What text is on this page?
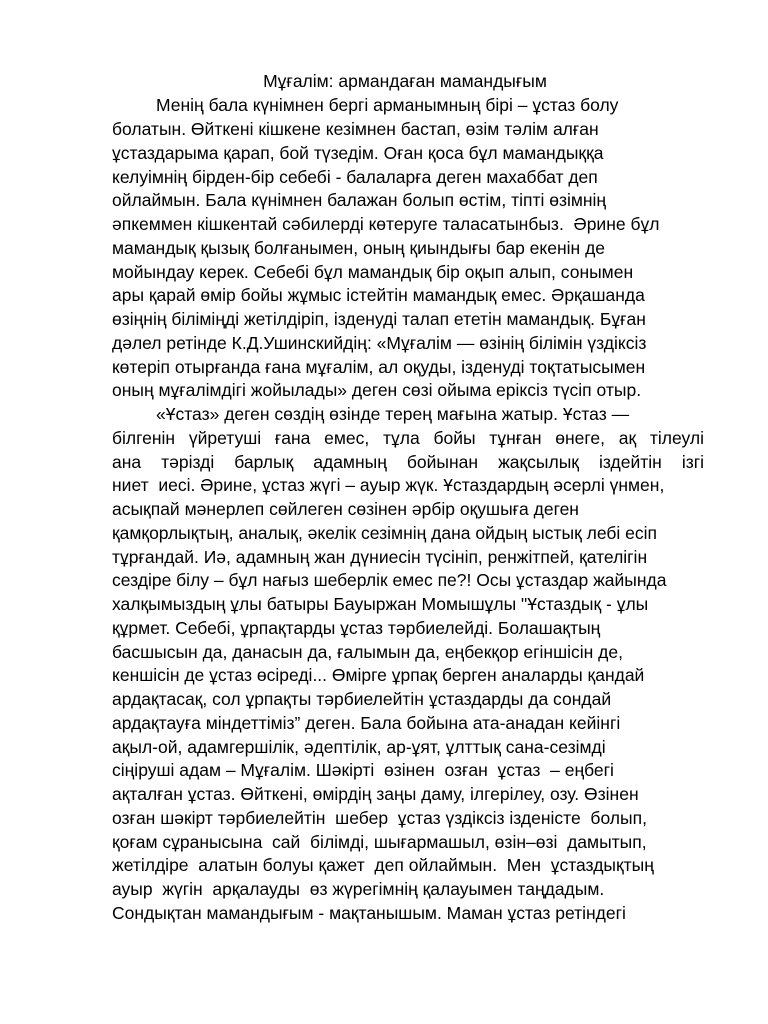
Мұғалім: армандаған мамандығым
Менің бала күнімнен бергі арманымның бірі – ұстаз болу
болатын. Өйткені кішкене кезімнен бастап, өзім тәлім алған
ұстаздарыма қарап, бой түзедім. Оған қоса бұл мамандыққа
келуімнің бірден-бір себебі - балаларға деген махаббат деп
ойлаймын. Бала күнімнен балажан болып өстім, тіпті өзімнің
әпкеммен кішкентай сәбилерді көтеруге таласатынбыз.  Әрине бұл
мамандық қызық болғанымен, оның қиындығы бар екенін де
мойындау керек. Себебі бұл мамандық бір оқып алып, сонымен
ары қарай өмір бойы жұмыс істейтін мамандық емес. Әрқашанда
өзіңнің біліміңді жетілдіріп, ізденуді талап ететін мамандық. Бұған
дәлел ретінде К.Д.Ушинскийдің: «Мұғалім — өзінің білімін үздіксіз
көтеріп отырғанда ғана мұғалім, ал оқуды, ізденуді тоқтатысымен
оның мұғалімдігі жойылады» деген сөзі ойыма еріксіз түсіп отыр.
«Ұстаз» деген сөздің өзінде терең мағына жатыр. Ұстаз —
білгенін үйретуші ғана емес, тұла бойы тұнған өнеге, ақ тілеулі
ана тәрізді барлық адамның бойынан жақсылық іздейтін ізгі
ниет  иесі. Әрине, ұстаз жүгі – ауыр жүк. Ұстаздардың әсерлі үнмен,
асықпай мәнерлеп сөйлеген сөзінен әрбір оқушыға деген
қамқорлықтың, аналық, әкелік сезімнің дана ойдың ыстық лебі есіп
тұрғандай. Иә, адамның жан дүниесін түсініп, ренжітпей, қателігін
сездіре білу – бұл нағыз шеберлік емес пе?! Осы ұстаздар жайында
халқымыздың ұлы батыры Бауыржан Момышұлы "Ұстаздық - ұлы
құрмет. Себебі, ұрпақтарды ұстаз тәрбиелейді. Болашақтың
басшысын да, данасын да, ғалымын да, еңбекқор егіншісін де,
кеншісін де ұстаз өсіреді... Өмірге ұрпақ берген аналарды қандай
ардақтасақ, сол ұрпақты тәрбиелейтін ұстаздарды да сондай
ардақтауға міндеттіміз” деген. Бала бойына ата-анадан кейінгі
ақыл-ой, адамгершілік, әдептілік, ар-ұят, ұлттық сана-сезімді
сіңіруші адам – Мұғалім. Шәкірті  өзінен  озған  ұстаз  – еңбегі
ақталған ұстаз. Өйткені, өмірдің заңы даму, ілгерілеу, озу. Өзінен
озған шәкірт тәрбиелейтін  шебер  ұстаз үздіксіз ізденісте  болып,
қоғам сұранысына  сай  білімді, шығармашыл, өзін–өзі  дамытып,
жетілдіре  алатын болуы қажет  деп ойлаймын.  Мен  ұстаздықтың
ауыр  жүгін  арқалауды  өз жүрегімнің қалауымен таңдадым.
Сондықтан мамандығым - мақтанышым. Маман ұстаз ретіндегі
